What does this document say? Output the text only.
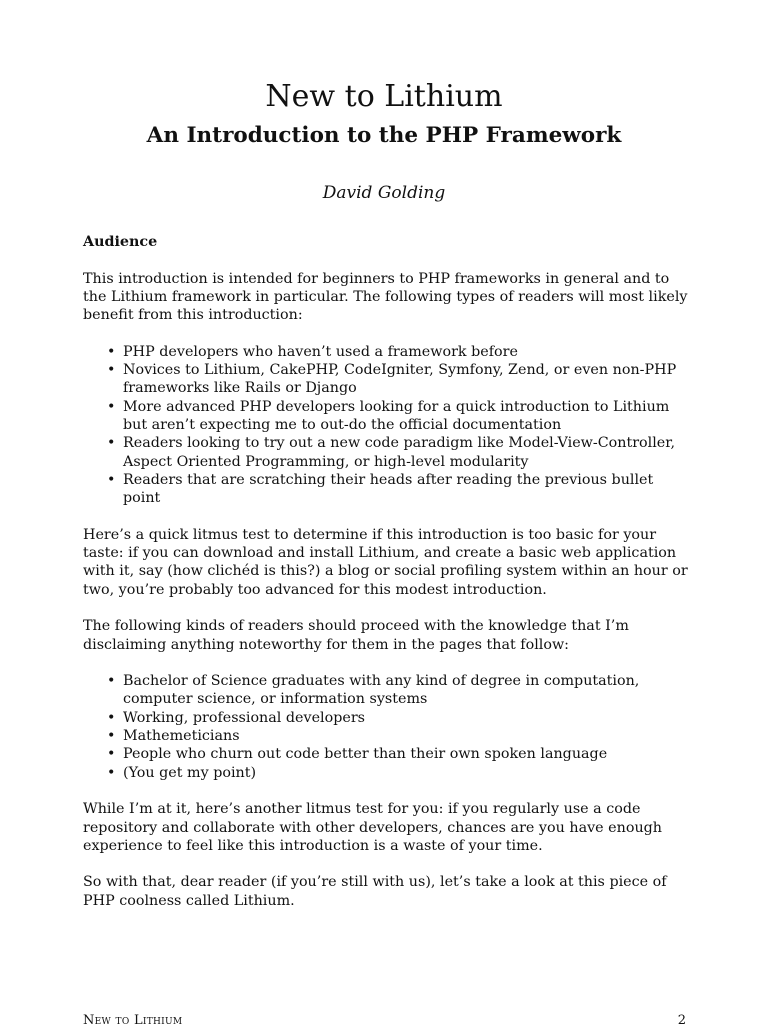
New to Lithium
An Introduction to the PHP Framework
David Golding

Audience

This introduction is intended for beginners to PHP frameworks in general and to the Lithium framework in particular. The following types of readers will most likely benefit from this introduction:

• PHP developers who haven’t used a framework before
• Novices to Lithium, CakePHP, CodeIgniter, Symfony, Zend, or even non-PHP frameworks like Rails or Django
• More advanced PHP developers looking for a quick introduction to Lithium but aren’t expecting me to out-do the official documentation
• Readers looking to try out a new code paradigm like Model-View-Controller, Aspect Oriented Programming, or high-level modularity
• Readers that are scratching their heads after reading the previous bullet point

Here’s a quick litmus test to determine if this introduction is too basic for your taste: if you can download and install Lithium, and create a basic web application with it, say (how clichéd is this?) a blog or social profiling system within an hour or two, you’re probably too advanced for this modest introduction.

The following kinds of readers should proceed with the knowledge that I’m disclaiming anything noteworthy for them in the pages that follow:

• Bachelor of Science graduates with any kind of degree in computation, computer science, or information systems
• Working, professional developers
• Mathemeticians
• People who churn out code better than their own spoken language
• (You get my point)

While I’m at it, here’s another litmus test for you: if you regularly use a code repository and collaborate with other developers, chances are you have enough experience to feel like this introduction is a waste of your time.

So with that, dear reader (if you’re still with us), let’s take a look at this piece of PHP coolness called Lithium.

New to Lithium	2
